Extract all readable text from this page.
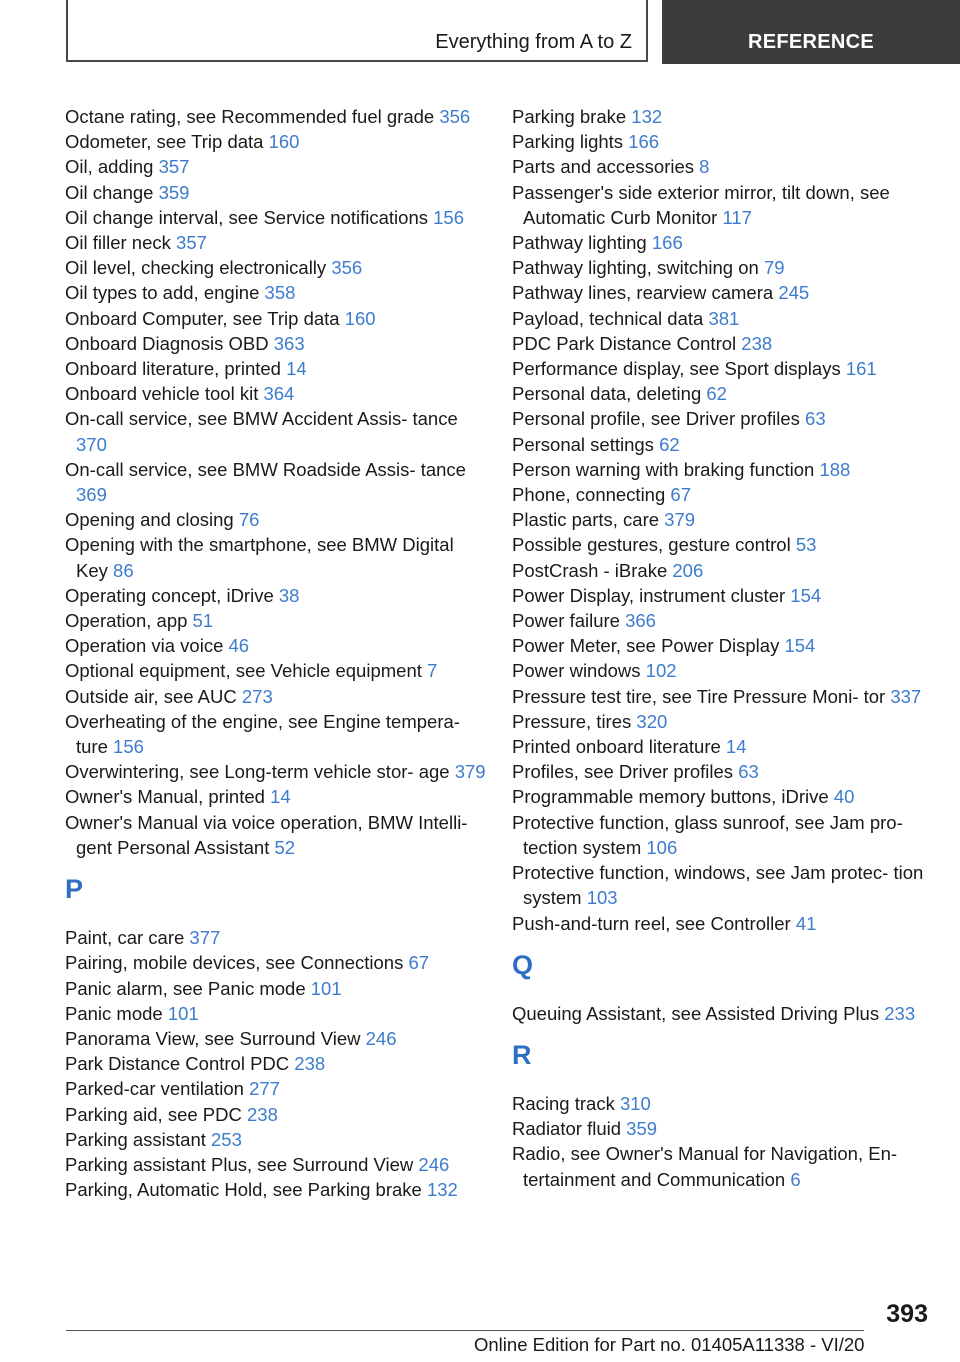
Everything from A to Z	REFERENCE
Octane rating, see Recommended fuel grade 356
Odometer, see Trip data 160
Oil, adding 357
Oil change 359
Oil change interval, see Service notifications 156
Oil filler neck 357
Oil level, checking electronically 356
Oil types to add, engine 358
Onboard Computer, see Trip data 160
Onboard Diagnosis OBD 363
Onboard literature, printed 14
Onboard vehicle tool kit 364
On-call service, see BMW Accident Assis- tance 370
On-call service, see BMW Roadside Assis- tance 369
Opening and closing 76
Opening with the smartphone, see BMW Digital Key 86
Operating concept, iDrive 38
Operation, app 51
Operation via voice 46
Optional equipment, see Vehicle equipment 7
Outside air, see AUC 273
Overheating of the engine, see Engine tempera- ture 156
Overwintering, see Long-term vehicle stor- age 379
Owner's Manual, printed 14
Owner's Manual via voice operation, BMW Intelli- gent Personal Assistant 52
P
Paint, car care 377
Pairing, mobile devices, see Connections 67
Panic alarm, see Panic mode 101
Panic mode 101
Panorama View, see Surround View 246
Park Distance Control PDC 238
Parked-car ventilation 277
Parking aid, see PDC 238
Parking assistant 253
Parking assistant Plus, see Surround View 246
Parking, Automatic Hold, see Parking brake 132
Parking brake 132
Parking lights 166
Parts and accessories 8
Passenger's side exterior mirror, tilt down, see Automatic Curb Monitor 117
Pathway lighting 166
Pathway lighting, switching on 79
Pathway lines, rearview camera 245
Payload, technical data 381
PDC Park Distance Control 238
Performance display, see Sport displays 161
Personal data, deleting 62
Personal profile, see Driver profiles 63
Personal settings 62
Person warning with braking function 188
Phone, connecting 67
Plastic parts, care 379
Possible gestures, gesture control 53
PostCrash - iBrake 206
Power Display, instrument cluster 154
Power failure 366
Power Meter, see Power Display 154
Power windows 102
Pressure test tire, see Tire Pressure Moni- tor 337
Pressure, tires 320
Printed onboard literature 14
Profiles, see Driver profiles 63
Programmable memory buttons, iDrive 40
Protective function, glass sunroof, see Jam pro- tection system 106
Protective function, windows, see Jam protec- tion system 103
Push-and-turn reel, see Controller 41
Q
Queuing Assistant, see Assisted Driving Plus 233
R
Racing track 310
Radiator fluid 359
Radio, see Owner's Manual for Navigation, En- tertainment and Communication 6
393
Online Edition for Part no. 01405A11338 - VI/20
